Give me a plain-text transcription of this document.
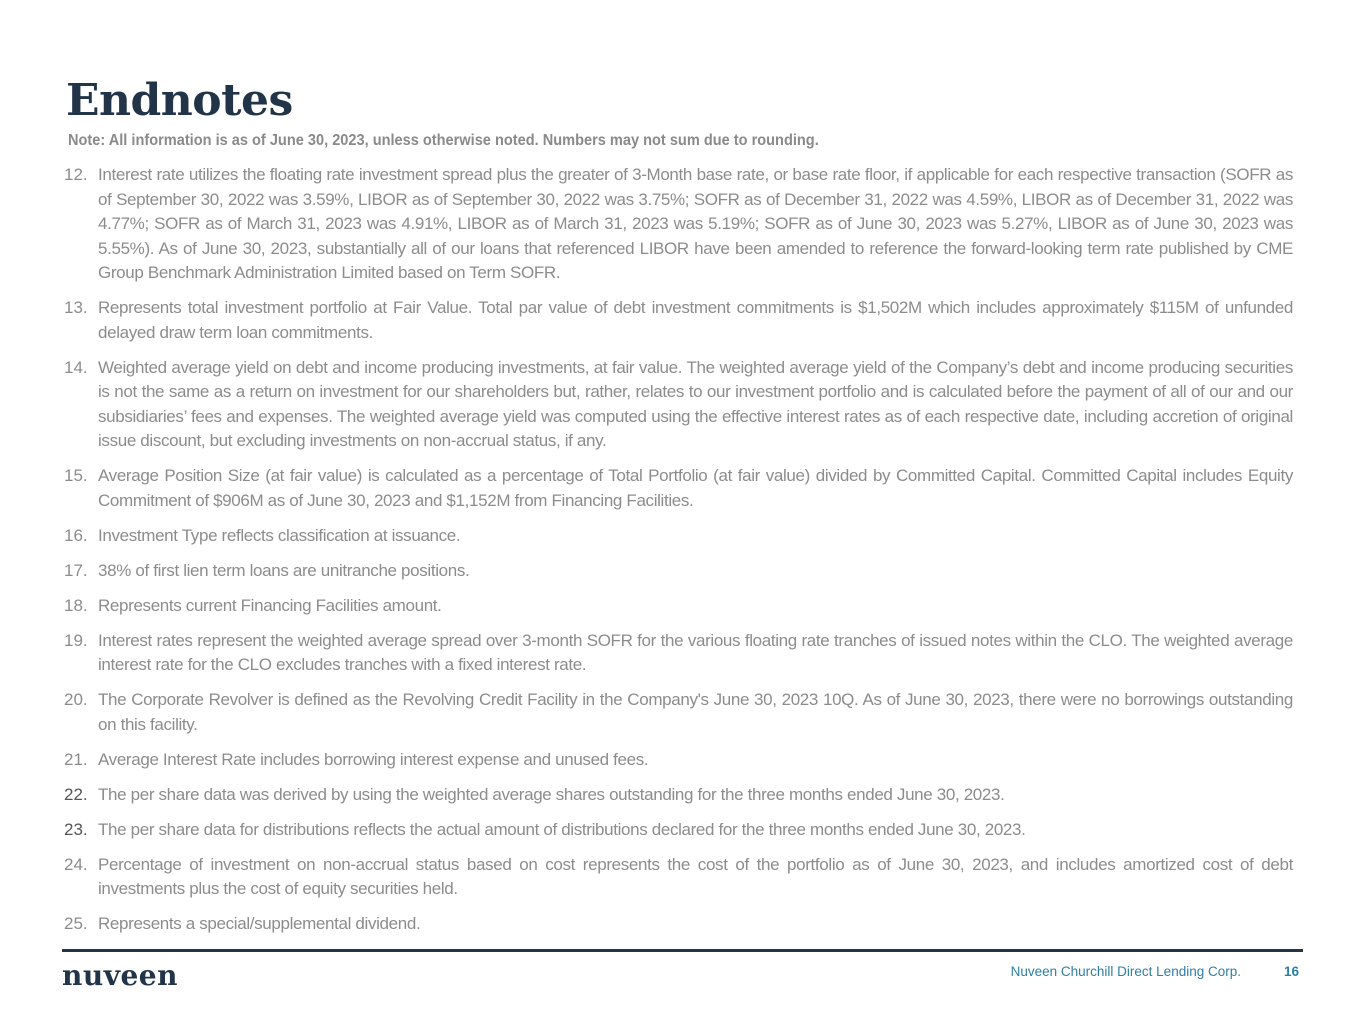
Endnotes
Note: All information is as of June 30, 2023, unless otherwise noted. Numbers may not sum due to rounding.
12. Interest rate utilizes the floating rate investment spread plus the greater of 3-Month base rate, or base rate floor, if applicable for each respective transaction (SOFR as of September 30, 2022 was 3.59%, LIBOR as of September 30, 2022 was 3.75%; SOFR as of December 31, 2022 was 4.59%, LIBOR as of December 31, 2022 was 4.77%; SOFR as of March 31, 2023 was 4.91%, LIBOR as of March 31, 2023 was 5.19%; SOFR as of June 30, 2023 was 5.27%, LIBOR as of June 30, 2023 was 5.55%). As of June 30, 2023, substantially all of our loans that referenced LIBOR have been amended to reference the forward-looking term rate published by CME Group Benchmark Administration Limited based on Term SOFR.
13. Represents total investment portfolio at Fair Value. Total par value of debt investment commitments is $1,502M which includes approximately $115M of unfunded delayed draw term loan commitments.
14. Weighted average yield on debt and income producing investments, at fair value. The weighted average yield of the Company’s debt and income producing securities is not the same as a return on investment for our shareholders but, rather, relates to our investment portfolio and is calculated before the payment of all of our and our subsidiaries’ fees and expenses. The weighted average yield was computed using the effective interest rates as of each respective date, including accretion of original issue discount, but excluding investments on non-accrual status, if any.
15. Average Position Size (at fair value) is calculated as a percentage of Total Portfolio (at fair value) divided by Committed Capital. Committed Capital includes Equity Commitment of $906M as of June 30, 2023 and $1,152M from Financing Facilities.
16. Investment Type reflects classification at issuance.
17. 38% of first lien term loans are unitranche positions.
18. Represents current Financing Facilities amount.
19. Interest rates represent the weighted average spread over 3-month SOFR for the various floating rate tranches of issued notes within the CLO. The weighted average interest rate for the CLO excludes tranches with a fixed interest rate.
20. The Corporate Revolver is defined as the Revolving Credit Facility in the Company's June 30, 2023 10Q. As of June 30, 2023, there were no borrowings outstanding on this facility.
21. Average Interest Rate includes borrowing interest expense and unused fees.
22. The per share data was derived by using the weighted average shares outstanding for the three months ended June 30, 2023.
23. The per share data for distributions reflects the actual amount of distributions declared for the three months ended June 30, 2023.
24. Percentage of investment on non-accrual status based on cost represents the cost of the portfolio as of June 30, 2023, and includes amortized cost of debt investments plus the cost of equity securities held.
25. Represents a special/supplemental dividend.
nuveen	Nuveen Churchill Direct Lending Corp.	16
